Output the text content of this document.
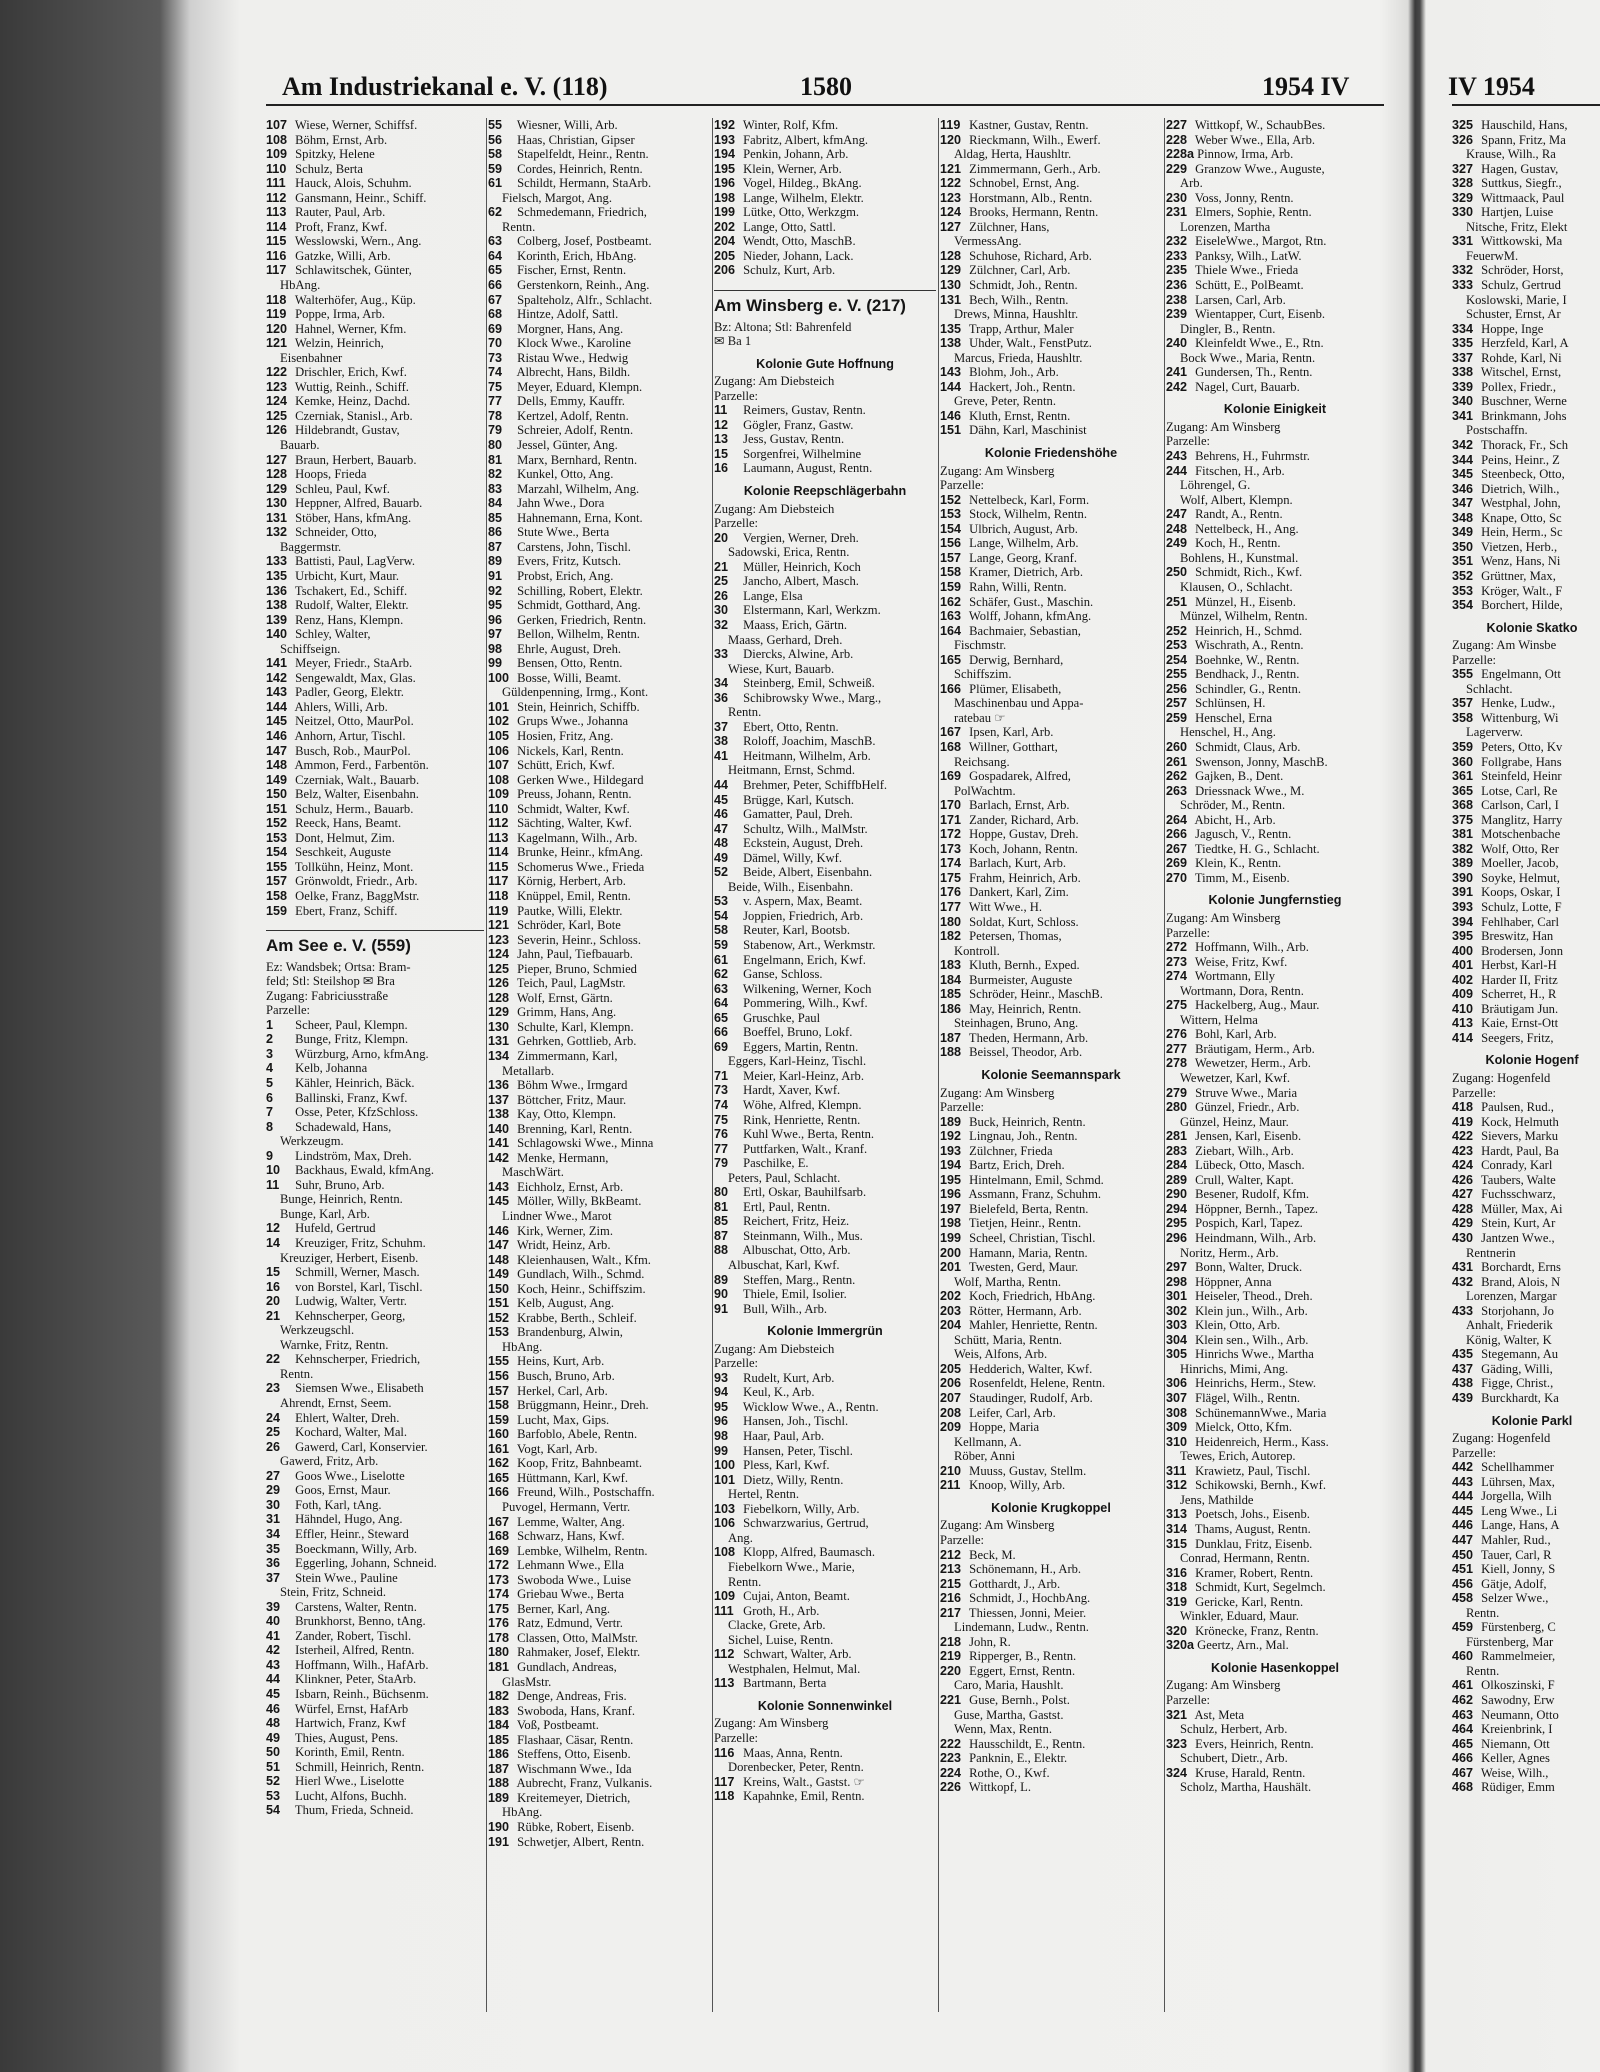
Am Industriekanal e. V. (118)	1580	1954 IV	IV 1954
107 Wiese, Werner, Schiffsf.
108 Böhm, Ernst, Arb.
109 Spitzky, Helene
110 Schulz, Berta
111 Hauck, Alois, Schuhm.
112 Gansmann, Heinr., Schiff.
113 Rauter, Paul, Arb.
114 Proft, Franz, Kwf.
115 Wesslowski, Wern., Ang.
116 Gatzke, Willi, Arb.
117 Schlawitschek, Günter,
HbAng.
118 Walterhöfer, Aug., Küp.
119 Poppe, Irma, Arb.
120 Hahnel, Werner, Kfm.
121 Welzin, Heinrich,
Eisenbahner
122 Drischler, Erich, Kwf.
123 Wuttig, Reinh., Schiff.
124 Kemke, Heinz, Dachd.
125 Czerniak, Stanisl., Arb.
126 Hildebrandt, Gustav,
Bauarb.
127 Braun, Herbert, Bauarb.
128 Hoops, Frieda
129 Schleu, Paul, Kwf.
130 Heppner, Alfred, Bauarb.
131 Stöber, Hans, kfmAng.
132 Schneider, Otto,
Baggermstr.
133 Battisti, Paul, LagVerw.
135 Urbicht, Kurt, Maur.
136 Tschakert, Ed., Schiff.
138 Rudolf, Walter, Elektr.
139 Renz, Hans, Klempn.
140 Schley, Walter,
Schiffseign.
141 Meyer, Friedr., StaArb.
142 Sengewaldt, Max, Glas.
143 Padler, Georg, Elektr.
144 Ahlers, Willi, Arb.
145 Neitzel, Otto, MaurPol.
146 Anhorn, Artur, Tischl.
147 Busch, Rob., MaurPol.
148 Ammon, Ferd., Farbentön.
149 Czerniak, Walt., Bauarb.
150 Belz, Walter, Eisenbahn.
151 Schulz, Herm., Bauarb.
152 Reeck, Hans, Beamt.
153 Dont, Helmut, Zim.
154 Seschkeit, Auguste
155 Tollkühn, Heinz, Mont.
157 Grönwoldt, Friedr., Arb.
158 Oelke, Franz, BaggMstr.
159 Ebert, Franz, Schiff.
Am See e. V. (559)
Ez: Wandsbek; Ortsa: Bram-
feld; Stl: Steilshop ✉ Bra
Zugang: Fabriciusstraße
Parzelle:
1 Scheer, Paul, Klempn.
2 Bunge, Fritz, Klempn.
3 Würzburg, Arno, kfmAng.
4 Kelb, Johanna
5 Kähler, Heinrich, Bäck.
6 Ballinski, Franz, Kwf.
7 Osse, Peter, KfzSchloss.
8 Schadewald, Hans,
Werkzeugm.
9 Lindström, Max, Dreh.
10 Backhaus, Ewald, kfmAng.
11 Suhr, Bruno, Arb.
Bunge, Heinrich, Rentn.
Bunge, Karl, Arb.
12 Hufeld, Gertrud
14 Kreuziger, Fritz, Schuhm.
Kreuziger, Herbert, Eisenb.
15 Schmill, Werner, Masch.
16 von Borstel, Karl, Tischl.
20 Ludwig, Walter, Vertr.
21 Kehnscherper, Georg,
Werkzeugschl.
Warnke, Fritz, Rentn.
22 Kehnscherper, Friedrich,
Rentn.
23 Siemsen Wwe., Elisabeth
Ahrendt, Ernst, Seem.
24 Ehlert, Walter, Dreh.
25 Kochard, Walter, Mal.
26 Gawerd, Carl, Konservier.
Gawerd, Fritz, Arb.
27 Goos Wwe., Liselotte
29 Goos, Ernst, Maur.
30 Foth, Karl, tAng.
31 Hähndel, Hugo, Ang.
34 Effler, Heinr., Steward
35 Boeckmann, Willy, Arb.
36 Eggerling, Johann, Schneid.
37 Stein Wwe., Pauline
Stein, Fritz, Schneid.
39 Carstens, Walter, Rentn.
40 Brunkhorst, Benno, tAng.
41 Zander, Robert, Tischl.
42 Isterheil, Alfred, Rentn.
43 Hoffmann, Wilh., HafArb.
44 Klinkner, Peter, StaArb.
45 Isbarn, Reinh., Büchsenm.
46 Würfel, Ernst, HafArb
48 Hartwich, Franz, Kwf
49 Thies, August, Pens.
50 Korinth, Emil, Rentn.
51 Schmill, Heinrich, Rentn.
52 Hierl Wwe., Liselotte
53 Lucht, Alfons, Buchh.
54 Thum, Frieda, Schneid.
55 Wiesner, Willi, Arb.
56 Haas, Christian, Gipser
58 Stapelfeldt, Heinr., Rentn.
59 Cordes, Heinrich, Rentn.
61 Schildt, Hermann, StaArb.
Fielsch, Margot, Ang.
62 Schmedemann, Friedrich,
Rentn.
63 Colberg, Josef, Postbeamt.
64 Korinth, Erich, HbAng.
65 Fischer, Ernst, Rentn.
66 Gerstenkorn, Reinh., Ang.
67 Spalteholz, Alfr., Schlacht.
68 Hintze, Adolf, Sattl.
69 Morgner, Hans, Ang.
70 Klock Wwe., Karoline
73 Ristau Wwe., Hedwig
74 Albrecht, Hans, Bildh.
75 Meyer, Eduard, Klempn.
77 Dells, Emmy, Kauffr.
78 Kertzel, Adolf, Rentn.
79 Schreier, Adolf, Rentn.
80 Jessel, Günter, Ang.
81 Marx, Bernhard, Rentn.
82 Kunkel, Otto, Ang.
83 Marzahl, Wilhelm, Ang.
84 Jahn Wwe., Dora
85 Hahnemann, Erna, Kont.
86 Stute Wwe., Berta
87 Carstens, John, Tischl.
89 Evers, Fritz, Kutsch.
91 Probst, Erich, Ang.
92 Schilling, Robert, Elektr.
95 Schmidt, Gotthard, Ang.
96 Gerken, Friedrich, Rentn.
97 Bellon, Wilhelm, Rentn.
98 Ehrle, August, Dreh.
99 Bensen, Otto, Rentn.
100 Bosse, Willi, Beamt.
Güldenpenning, Irmg., Kont.
101 Stein, Heinrich, Schiffb.
102 Grups Wwe., Johanna
105 Hosien, Fritz, Ang.
106 Nickels, Karl, Rentn.
107 Schütt, Erich, Kwf.
108 Gerken Wwe., Hildegard
109 Preuss, Johann, Rentn.
110 Schmidt, Walter, Kwf.
112 Sächting, Walter, Kwf.
113 Kagelmann, Wilh., Arb.
114 Brunke, Heinr., kfmAng.
115 Schomerus Wwe., Frieda
117 Körnig, Herbert, Arb.
118 Knüppel, Emil, Rentn.
119 Pautke, Willi, Elektr.
121 Schröder, Karl, Bote
123 Severin, Heinr., Schloss.
124 Jahn, Paul, Tiefbauarb.
125 Pieper, Bruno, Schmied
126 Teich, Paul, LagMstr.
128 Wolf, Ernst, Gärtn.
129 Grimm, Hans, Ang.
130 Schulte, Karl, Klempn.
131 Gehrken, Gottlieb, Arb.
134 Zimmermann, Karl,
Metallarb.
136 Böhm Wwe., Irmgard
137 Böttcher, Fritz, Maur.
138 Kay, Otto, Klempn.
140 Brenning, Karl, Rentn.
141 Schlagowski Wwe., Minna
142 Menke, Hermann,
MaschWärt.
143 Eichholz, Ernst, Arb.
145 Möller, Willy, BkBeamt.
Lindner Wwe., Marot
146 Kirk, Werner, Zim.
147 Wridt, Heinz, Arb.
148 Kleienhausen, Walt., Kfm.
149 Gundlach, Wilh., Schmd.
150 Koch, Heinr., Schiffszim.
151 Kelb, August, Ang.
152 Krabbe, Berth., Schleif.
153 Brandenburg, Alwin,
HbAng.
155 Heins, Kurt, Arb.
156 Busch, Bruno, Arb.
157 Herkel, Carl, Arb.
158 Brüggmann, Heinr., Dreh.
159 Lucht, Max, Gips.
160 Barfoblo, Abele, Rentn.
161 Vogt, Karl, Arb.
162 Koop, Fritz, Bahnbeamt.
165 Hüttmann, Karl, Kwf.
166 Freund, Wilh., Postschaffn.
Puvogel, Hermann, Vertr.
167 Lemme, Walter, Ang.
168 Schwarz, Hans, Kwf.
169 Lembke, Wilhelm, Rentn.
172 Lehmann Wwe., Ella
173 Swoboda Wwe., Luise
174 Griebau Wwe., Berta
175 Berner, Karl, Ang.
176 Ratz, Edmund, Vertr.
178 Classen, Otto, MalMstr.
180 Rahmaker, Josef, Elektr.
181 Gundlach, Andreas,
GlasMstr.
182 Denge, Andreas, Fris.
183 Swoboda, Hans, Kranf.
184 Voß, Postbeamt.
185 Flashaar, Cäsar, Rentn.
186 Steffens, Otto, Eisenb.
187 Wischmann Wwe., Ida
188 Aubrecht, Franz, Vulkanis.
189 Kreitemeyer, Dietrich,
HbAng.
190 Rübke, Robert, Eisenb.
191 Schwetjer, Albert, Rentn.
192 Winter, Rolf, Kfm.
193 Fabritz, Albert, kfmAng.
194 Penkin, Johann, Arb.
195 Klein, Werner, Arb.
196 Vogel, Hildeg., BkAng.
198 Lange, Wilhelm, Elektr.
199 Lütke, Otto, Werkzgm.
202 Lange, Otto, Sattl.
204 Wendt, Otto, MaschB.
205 Nieder, Johann, Lack.
206 Schulz, Kurt, Arb.
Am Winsberg e. V. (217)
Bz: Altona; Stl: Bahrenfeld
✉ Ba 1
Kolonie Gute Hoffnung
Zugang: Am Diebsteich
Parzelle:
11 Reimers, Gustav, Rentn.
12 Gögler, Franz, Gastw.
13 Jess, Gustav, Rentn.
15 Sorgenfrei, Wilhelmine
16 Laumann, August, Rentn.
Kolonie Reepschlägerbahn
Zugang: Am Diebsteich
Parzelle:
20 Vergien, Werner, Dreh.
Sadowski, Erica, Rentn.
21 Müller, Heinrich, Koch
25 Jancho, Albert, Masch.
26 Lange, Elsa
30 Elstermann, Karl, Werkzm.
32 Maass, Erich, Gärtn.
Maass, Gerhard, Dreh.
33 Diercks, Alwine, Arb.
Wiese, Kurt, Bauarb.
34 Steinberg, Emil, Schweiß.
36 Schibrowsky Wwe., Marg.,
Rentn.
37 Ebert, Otto, Rentn.
38 Roloff, Joachim, MaschB.
41 Heitmann, Wilhelm, Arb.
Heitmann, Ernst, Schmd.
44 Brehmer, Peter, SchiffbHelf.
45 Brügge, Karl, Kutsch.
46 Gamatter, Paul, Dreh.
47 Schultz, Wilh., MalMstr.
48 Eckstein, August, Dreh.
49 Dämel, Willy, Kwf.
52 Beide, Albert, Eisenbahn.
Beide, Wilh., Eisenbahn.
53 v. Aspern, Max, Beamt.
54 Joppien, Friedrich, Arb.
58 Reuter, Karl, Bootsb.
59 Stabenow, Art., Werkmstr.
61 Engelmann, Erich, Kwf.
62 Ganse, Schloss.
63 Wilkening, Werner, Koch
64 Pommering, Wilh., Kwf.
65 Gruschke, Paul
66 Boeffel, Bruno, Lokf.
69 Eggers, Martin, Rentn.
Eggers, Karl-Heinz, Tischl.
71 Meier, Karl-Heinz, Arb.
73 Hardt, Xaver, Kwf.
74 Wöhe, Alfred, Klempn.
75 Rink, Henriette, Rentn.
76 Kuhl Wwe., Berta, Rentn.
77 Puttfarken, Walt., Kranf.
79 Paschilke, E.
Peters, Paul, Schlacht.
80 Ertl, Oskar, Bauhilfsarb.
81 Ertl, Paul, Rentn.
85 Reichert, Fritz, Heiz.
87 Steinmann, Wilh., Mus.
88 Albuschat, Otto, Arb.
Albuschat, Karl, Kwf.
89 Steffen, Marg., Rentn.
90 Thiele, Emil, Isolier.
91 Bull, Wilh., Arb.
Kolonie Immergrün
Zugang: Am Diebsteich
Parzelle:
93 Rudelt, Kurt, Arb.
94 Keul, K., Arb.
95 Wicklow Wwe., A., Rentn.
96 Hansen, Joh., Tischl.
98 Haar, Paul, Arb.
99 Hansen, Peter, Tischl.
100 Pless, Karl, Kwf.
101 Dietz, Willy, Rentn.
Hertel, Rentn.
103 Fiebelkorn, Willy, Arb.
106 Schwarzwarius, Gertrud,
Ang.
108 Klopp, Alfred, Baumasch.
Fiebelkorn Wwe., Marie,
Rentn.
109 Cujai, Anton, Beamt.
111 Groth, H., Arb.
Clacke, Grete, Arb.
Sichel, Luise, Rentn.
112 Schwart, Walter, Arb.
Westphalen, Helmut, Mal.
113 Bartmann, Berta
Kolonie Sonnenwinkel
Zugang: Am Winsberg
Parzelle:
116 Maas, Anna, Rentn.
Dorenbecker, Peter, Rentn.
117 Kreins, Walt., Gastst. ☞
118 Kapahnke, Emil, Rentn.
119 Kastner, Gustav, Rentn.
120 Rieckmann, Wilh., Ewerf.
Aldag, Herta, Haushltr.
121 Zimmermann, Gerh., Arb.
122 Schnobel, Ernst, Ang.
123 Horstmann, Alb., Rentn.
124 Brooks, Hermann, Rentn.
127 Zülchner, Hans,
VermessAng.
128 Schuhose, Richard, Arb.
129 Zülchner, Carl, Arb.
130 Schmidt, Joh., Rentn.
131 Bech, Wilh., Rentn.
Drews, Minna, Haushltr.
135 Trapp, Arthur, Maler
138 Uhder, Walt., FenstPutz.
Marcus, Frieda, Haushltr.
143 Blohm, Joh., Arb.
144 Hackert, Joh., Rentn.
Greve, Peter, Rentn.
146 Kluth, Ernst, Rentn.
151 Dähn, Karl, Maschinist
Kolonie Friedenshöhe
Zugang: Am Winsberg
Parzelle:
152 Nettelbeck, Karl, Form.
153 Stock, Wilhelm, Rentn.
154 Ulbrich, August, Arb.
156 Lange, Wilhelm, Arb.
157 Lange, Georg, Kranf.
158 Kramer, Dietrich, Arb.
159 Rahn, Willi, Rentn.
162 Schäfer, Gust., Maschin.
163 Wolff, Johann, kfmAng.
164 Bachmaier, Sebastian,
Fischmstr.
165 Derwig, Bernhard,
Schiffszim.
166 Plümer, Elisabeth,
Maschinenbau und Appa-
ratebau ☞
167 Ipsen, Karl, Arb.
168 Willner, Gotthart,
Reichsang.
169 Gospadarek, Alfred,
PolWachtm.
170 Barlach, Ernst, Arb.
171 Zander, Richard, Arb.
172 Hoppe, Gustav, Dreh.
173 Koch, Johann, Rentn.
174 Barlach, Kurt, Arb.
175 Frahm, Heinrich, Arb.
176 Dankert, Karl, Zim.
177 Witt Wwe., H.
180 Soldat, Kurt, Schloss.
182 Petersen, Thomas,
Kontroll.
183 Kluth, Bernh., Exped.
184 Burmeister, Auguste
185 Schröder, Heinr., MaschB.
186 May, Heinrich, Rentn.
Steinhagen, Bruno, Ang.
187 Theden, Hermann, Arb.
188 Beissel, Theodor, Arb.
Kolonie Seemannspark
Zugang: Am Winsberg
Parzelle:
189 Buck, Heinrich, Rentn.
192 Lingnau, Joh., Rentn.
193 Zülchner, Frieda
194 Bartz, Erich, Dreh.
195 Hintelmann, Emil, Schmd.
196 Assmann, Franz, Schuhm.
197 Bielefeld, Berta, Rentn.
198 Tietjen, Heinr., Rentn.
199 Scheel, Christian, Tischl.
200 Hamann, Maria, Rentn.
201 Twesten, Gerd, Maur.
Wolf, Martha, Rentn.
202 Koch, Friedrich, HbAng.
203 Rötter, Hermann, Arb.
204 Mahler, Henriette, Rentn.
Schütt, Maria, Rentn.
Weis, Alfons, Arb.
205 Hedderich, Walter, Kwf.
206 Rosenfeldt, Helene, Rentn.
207 Staudinger, Rudolf, Arb.
208 Leifer, Carl, Arb.
209 Hoppe, Maria
Kellmann, A.
Röber, Anni
210 Muuss, Gustav, Stellm.
211 Knoop, Willy, Arb.
Kolonie Krugkoppel
Zugang: Am Winsberg
Parzelle:
212 Beck, M.
213 Schönemann, H., Arb.
215 Gotthardt, J., Arb.
216 Schmidt, J., HochbAng.
217 Thiessen, Jonni, Meier.
Lindemann, Ludw., Rentn.
218 John, R.
219 Ripperger, B., Rentn.
220 Eggert, Ernst, Rentn.
Caro, Maria, Haushlt.
221 Guse, Bernh., Polst.
Guse, Martha, Gastst.
Wenn, Max, Rentn.
222 Hausschildt, E., Rentn.
223 Panknin, E., Elektr.
224 Rothe, O., Kwf.
226 Wittkopf, L.
227 Wittkopf, W., SchaubBes.
228 Weber Wwe., Ella, Arb.
228a Pinnow, Irma, Arb.
229 Granzow Wwe., Auguste,
Arb.
230 Voss, Jonny, Rentn.
231 Elmers, Sophie, Rentn.
Lorenzen, Martha
232 EiseleWwe., Margot, Rtn.
233 Panksy, Wilh., LatW.
235 Thiele Wwe., Frieda
236 Schütt, E., PolBeamt.
238 Larsen, Carl, Arb.
239 Wientapper, Curt, Eisenb.
Dingler, B., Rentn.
240 Kleinfeldt Wwe., E., Rtn.
Bock Wwe., Maria, Rentn.
241 Gundersen, Th., Rentn.
242 Nagel, Curt, Bauarb.
Kolonie Einigkeit
Zugang: Am Winsberg
Parzelle:
243 Behrens, H., Fuhrmstr.
244 Fitschen, H., Arb.
Löhrengel, G.
Wolf, Albert, Klempn.
247 Randt, A., Rentn.
248 Nettelbeck, H., Ang.
249 Koch, H., Rentn.
Bohlens, H., Kunstmal.
250 Schmidt, Rich., Kwf.
Klausen, O., Schlacht.
251 Münzel, H., Eisenb.
Münzel, Wilhelm, Rentn.
252 Heinrich, H., Schmd.
253 Wischrath, A., Rentn.
254 Boehnke, W., Rentn.
255 Bendhack, J., Rentn.
256 Schindler, G., Rentn.
257 Schlünsen, H.
259 Henschel, Erna
Henschel, H., Ang.
260 Schmidt, Claus, Arb.
261 Swenson, Jonny, MaschB.
262 Gajken, B., Dent.
263 Driessnack Wwe., M.
Schröder, M., Rentn.
264 Abicht, H., Arb.
266 Jagusch, V., Rentn.
267 Tiedtke, H. G., Schlacht.
269 Klein, K., Rentn.
270 Timm, M., Eisenb.
Kolonie Jungfernstieg
Zugang: Am Winsberg
Parzelle:
272 Hoffmann, Wilh., Arb.
273 Weise, Fritz, Kwf.
274 Wortmann, Elly
Wortmann, Dora, Rentn.
275 Hackelberg, Aug., Maur.
Wittern, Helma
276 Bohl, Karl, Arb.
277 Bräutigam, Herm., Arb.
278 Wewetzer, Herm., Arb.
Wewetzer, Karl, Kwf.
279 Struve Wwe., Maria
280 Günzel, Friedr., Arb.
Günzel, Heinz, Maur.
281 Jensen, Karl, Eisenb.
283 Ziebart, Wilh., Arb.
284 Lübeck, Otto, Masch.
289 Crull, Walter, Kapt.
290 Besener, Rudolf, Kfm.
294 Höppner, Bernh., Tapez.
295 Pospich, Karl, Tapez.
296 Heindmann, Wilh., Arb.
Noritz, Herm., Arb.
297 Bonn, Walter, Druck.
298 Höppner, Anna
301 Heiseler, Theod., Dreh.
302 Klein jun., Wilh., Arb.
303 Klein, Otto, Arb.
304 Klein sen., Wilh., Arb.
305 Hinrichs Wwe., Martha
Hinrichs, Mimi, Ang.
306 Heinrichs, Herm., Stew.
307 Flägel, Wilh., Rentn.
308 SchünemannWwe., Maria
309 Mielck, Otto, Kfm.
310 Heidenreich, Herm., Kass.
Tewes, Erich, Autorep.
311 Krawietz, Paul, Tischl.
312 Schikowski, Bernh., Kwf.
Jens, Mathilde
313 Poetsch, Johs., Eisenb.
314 Thams, August, Rentn.
315 Dunklau, Fritz, Eisenb.
Conrad, Hermann, Rentn.
316 Kramer, Robert, Rentn.
318 Schmidt, Kurt, Segelmch.
319 Gericke, Karl, Rentn.
Winkler, Eduard, Maur.
320 Krönecke, Franz, Rentn.
320a Geertz, Arn., Mal.
Kolonie Hasenkoppel
Zugang: Am Winsberg
Parzelle:
321 Ast, Meta
Schulz, Herbert, Arb.
323 Evers, Heinrich, Rentn.
Schubert, Dietr., Arb.
324 Kruse, Harald, Rentn.
Scholz, Martha, Haushält.
325 Hauschild, Hans,
326 Spann, Fritz, Ma
Krause, Wilh., Ra
327 Hagen, Gustav,
328 Suttkus, Siegfr.,
329 Wittmaack, Paul
330 Hartjen, Luise
Nitsche, Fritz, Elekt
331 Wittkowski, Ma
FeuerwM.
332 Schröder, Horst,
333 Schulz, Gertrud
Koslowski, Marie, I
Schuster, Ernst, Ar
334 Hoppe, Inge
335 Herzfeld, Karl, A
337 Rohde, Karl, Ni
338 Witschel, Ernst,
339 Pollex, Friedr.,
340 Buschner, Werne
341 Brinkmann, Johs
Postschaffn.
342 Thorack, Fr., Sch
344 Peins, Heinr., Z
345 Steenbeck, Otto,
346 Dietrich, Wilh.,
347 Westphal, John,
348 Knape, Otto, Sc
349 Hein, Herm., Sc
350 Vietzen, Herb.,
351 Wenz, Hans, Ni
352 Grüttner, Max,
353 Kröger, Walt., F
354 Borchert, Hilde,
Kolonie Skatko
Zugang: Am Winsbe
Parzelle:
355 Engelmann, Ott
Schlacht.
357 Henke, Ludw.,
358 Wittenburg, Wi
Lagerverw.
359 Peters, Otto, Kv
360 Follgrabe, Hans
361 Steinfeld, Heinr
365 Lotse, Carl, Re
368 Carlson, Carl, I
375 Manglitz, Harry
381 Motschenbache
382 Wolf, Otto, Rer
389 Moeller, Jacob,
390 Soyke, Helmut,
391 Koops, Oskar, I
393 Schulz, Lotte, F
394 Fehlhaber, Carl
395 Breswitz, Han
400 Brodersen, Jonn
401 Herbst, Karl-H
402 Harder II, Fritz
409 Scherret, H., R
410 Bräutigam Jun.
413 Kaie, Ernst-Ott
414 Seegers, Fritz,
Kolonie Hogenf
Zugang: Hogenfeld
Parzelle:
418 Paulsen, Rud.,
419 Kock, Helmuth
422 Sievers, Marku
423 Hardt, Paul, Ba
424 Conrady, Karl
426 Taubers, Walte
427 Fuchsschwarz,
428 Müller, Max, Ai
429 Stein, Kurt, Ar
430 Jantzen Wwe.,
Rentnerin
431 Borchardt, Erns
432 Brand, Alois, N
Lorenzen, Margar
433 Storjohann, Jo
Anhalt, Friederik
König, Walter, K
435 Stegemann, Au
437 Gäding, Willi,
438 Figge, Christ.,
439 Burckhardt, Ka
Kolonie Parkl
Zugang: Hogenfeld
Parzelle:
442 Schellhammer
443 Lührsen, Max,
444 Jorgella, Wilh
445 Leng Wwe., Li
446 Lange, Hans, A
447 Mahler, Rud.,
450 Tauer, Carl, R
451 Kiell, Jonny, S
456 Gätje, Adolf,
458 Selzer Wwe.,
Rentn.
459 Fürstenberg, C
Fürstenberg, Mar
460 Rammelmeier,
Rentn.
461 Olkoszinski, F
462 Sawodny, Erw
463 Neumann, Otto
464 Kreienbrink, I
465 Niemann, Ott
466 Keller, Agnes
467 Weise, Wilh.,
468 Rüdiger, Emm
